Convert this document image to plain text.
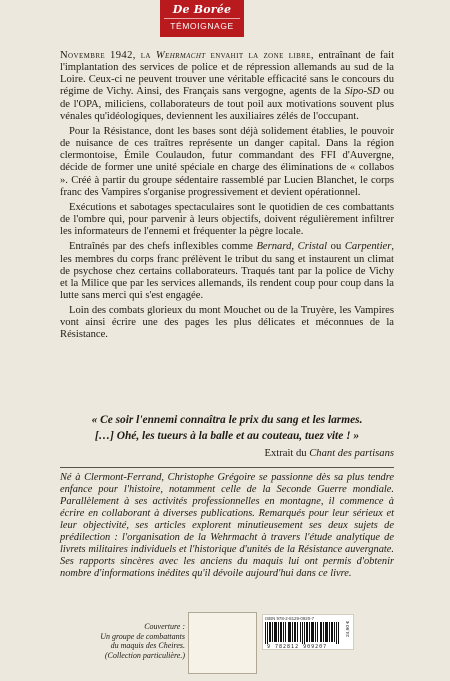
De Borée
TÉMOIGNAGE

Novembre 1942, la Wehrmacht envahit la zone libre, entraînant de fait l'implantation des services de police et de répression allemands au sud de la Loire. Ceux-ci ne peuvent trouver une véritable efficacité sans le concours du régime de Vichy. Ainsi, des Français sans vergogne, agents de la Sipo-SD ou de l'OPA, miliciens, collaborateurs de tout poil aux motivations souvent plus vénales qu'idéologiques, deviennent les auxiliaires zélés de l'occupant.

Pour la Résistance, dont les bases sont déjà solidement établies, le pouvoir de nuisance de ces traîtres représente un danger capital. Dans la région clermontoise, Émile Coulaudon, futur commandant des FFI d'Auvergne, décide de former une unité spéciale en charge des éliminations de « collabos ». Créé à partir du groupe sédentaire rassemblé par Lucien Blanchet, le corps franc des Vampires s'organise progressivement et devient opérationnel.

Exécutions et sabotages spectaculaires sont le quotidien de ces combattants de l'ombre qui, pour parvenir à leurs objectifs, doivent régulièrement infiltrer les informateurs de l'ennemi et fréquenter la pègre locale.

Entraînés par des chefs inflexibles comme Bernard, Cristal ou Carpentier, les membres du corps franc prélèvent le tribut du sang et instaurent un climat de psychose chez certains collaborateurs. Traqués tant par la police de Vichy et la Milice que par les services allemands, ils rendent coup pour coup dans la lutte sans merci qui s'est engagée.

Loin des combats glorieux du mont Mouchet ou de la Truyère, les Vampires vont ainsi écrire une des pages les plus délicates et méconnues de la Résistance.

« Ce soir l'ennemi connaîtra le prix du sang et les larmes.
[…] Ohé, les tueurs à la balle et au couteau, tuez vite ! »
Extrait du Chant des partisans

Né à Clermont-Ferrand, Christophe Grégoire se passionne dès sa plus tendre enfance pour l'histoire, notamment celle de la Seconde Guerre mondiale. Parallèlement à ses activités professionnelles en montagne, il commence à écrire en collaborant à diverses publications. Remarqués pour leur sérieux et leur objectivité, ses articles explorent minutieusement ses deux sujets de prédilection : l'organisation de la Wehrmacht à travers l'étude analytique de livrets militaires individuels et l'historique d'unités de la Résistance auvergnate. Ses rapports sincères avec les anciens du maquis lui ont permis d'obtenir nombre d'informations inédites qu'il dévoile aujourd'hui dans ce livre.

Couverture :
Un groupe de combattants
du maquis des Cheires.
(Collection particulière.)
ISBN 978-2-8129-0920-7
9 782812 909207
24,90 €
